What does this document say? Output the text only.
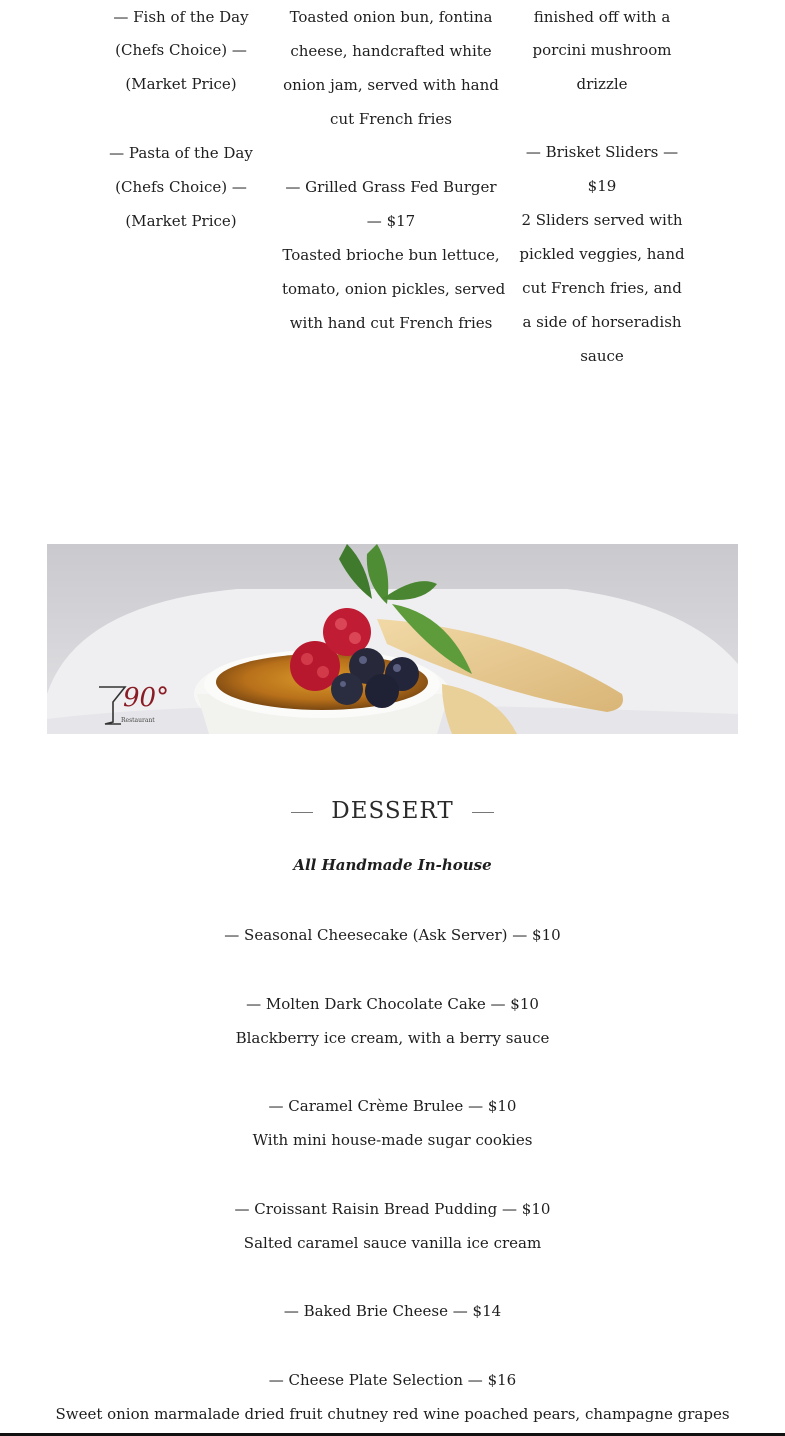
— Fish of the Day
(Chefs Choice) —
(Market Price)
— Pasta of the Day
(Chefs Choice) —
(Market Price)
Toasted onion bun, fontina
cheese, handcrafted white
onion jam, served with hand
cut French fries
— Grilled Grass Fed Burger
— $17
Toasted brioche bun lettuce,
tomato, onion pickles, served
with hand cut French fries
finished off with a
porcini mushroom
drizzle
— Brisket Sliders —
$19
2 Sliders served with
pickled veggies, hand
cut French fries, and
a side of horseradish
sauce
90°
Restaurant
DESSERT
All Handmade In-house
— Seasonal Cheesecake (Ask Server) — $10
— Molten Dark Chocolate Cake — $10
Blackberry ice cream, with a berry sauce
— Caramel Crème Brulee — $10
With mini house-made sugar cookies
— Croissant Raisin Bread Pudding — $10
Salted caramel sauce vanilla ice cream
— Baked Brie Cheese — $14
— Cheese Plate Selection — $16
Sweet onion marmalade dried fruit chutney red wine poached pears, champagne grapes
